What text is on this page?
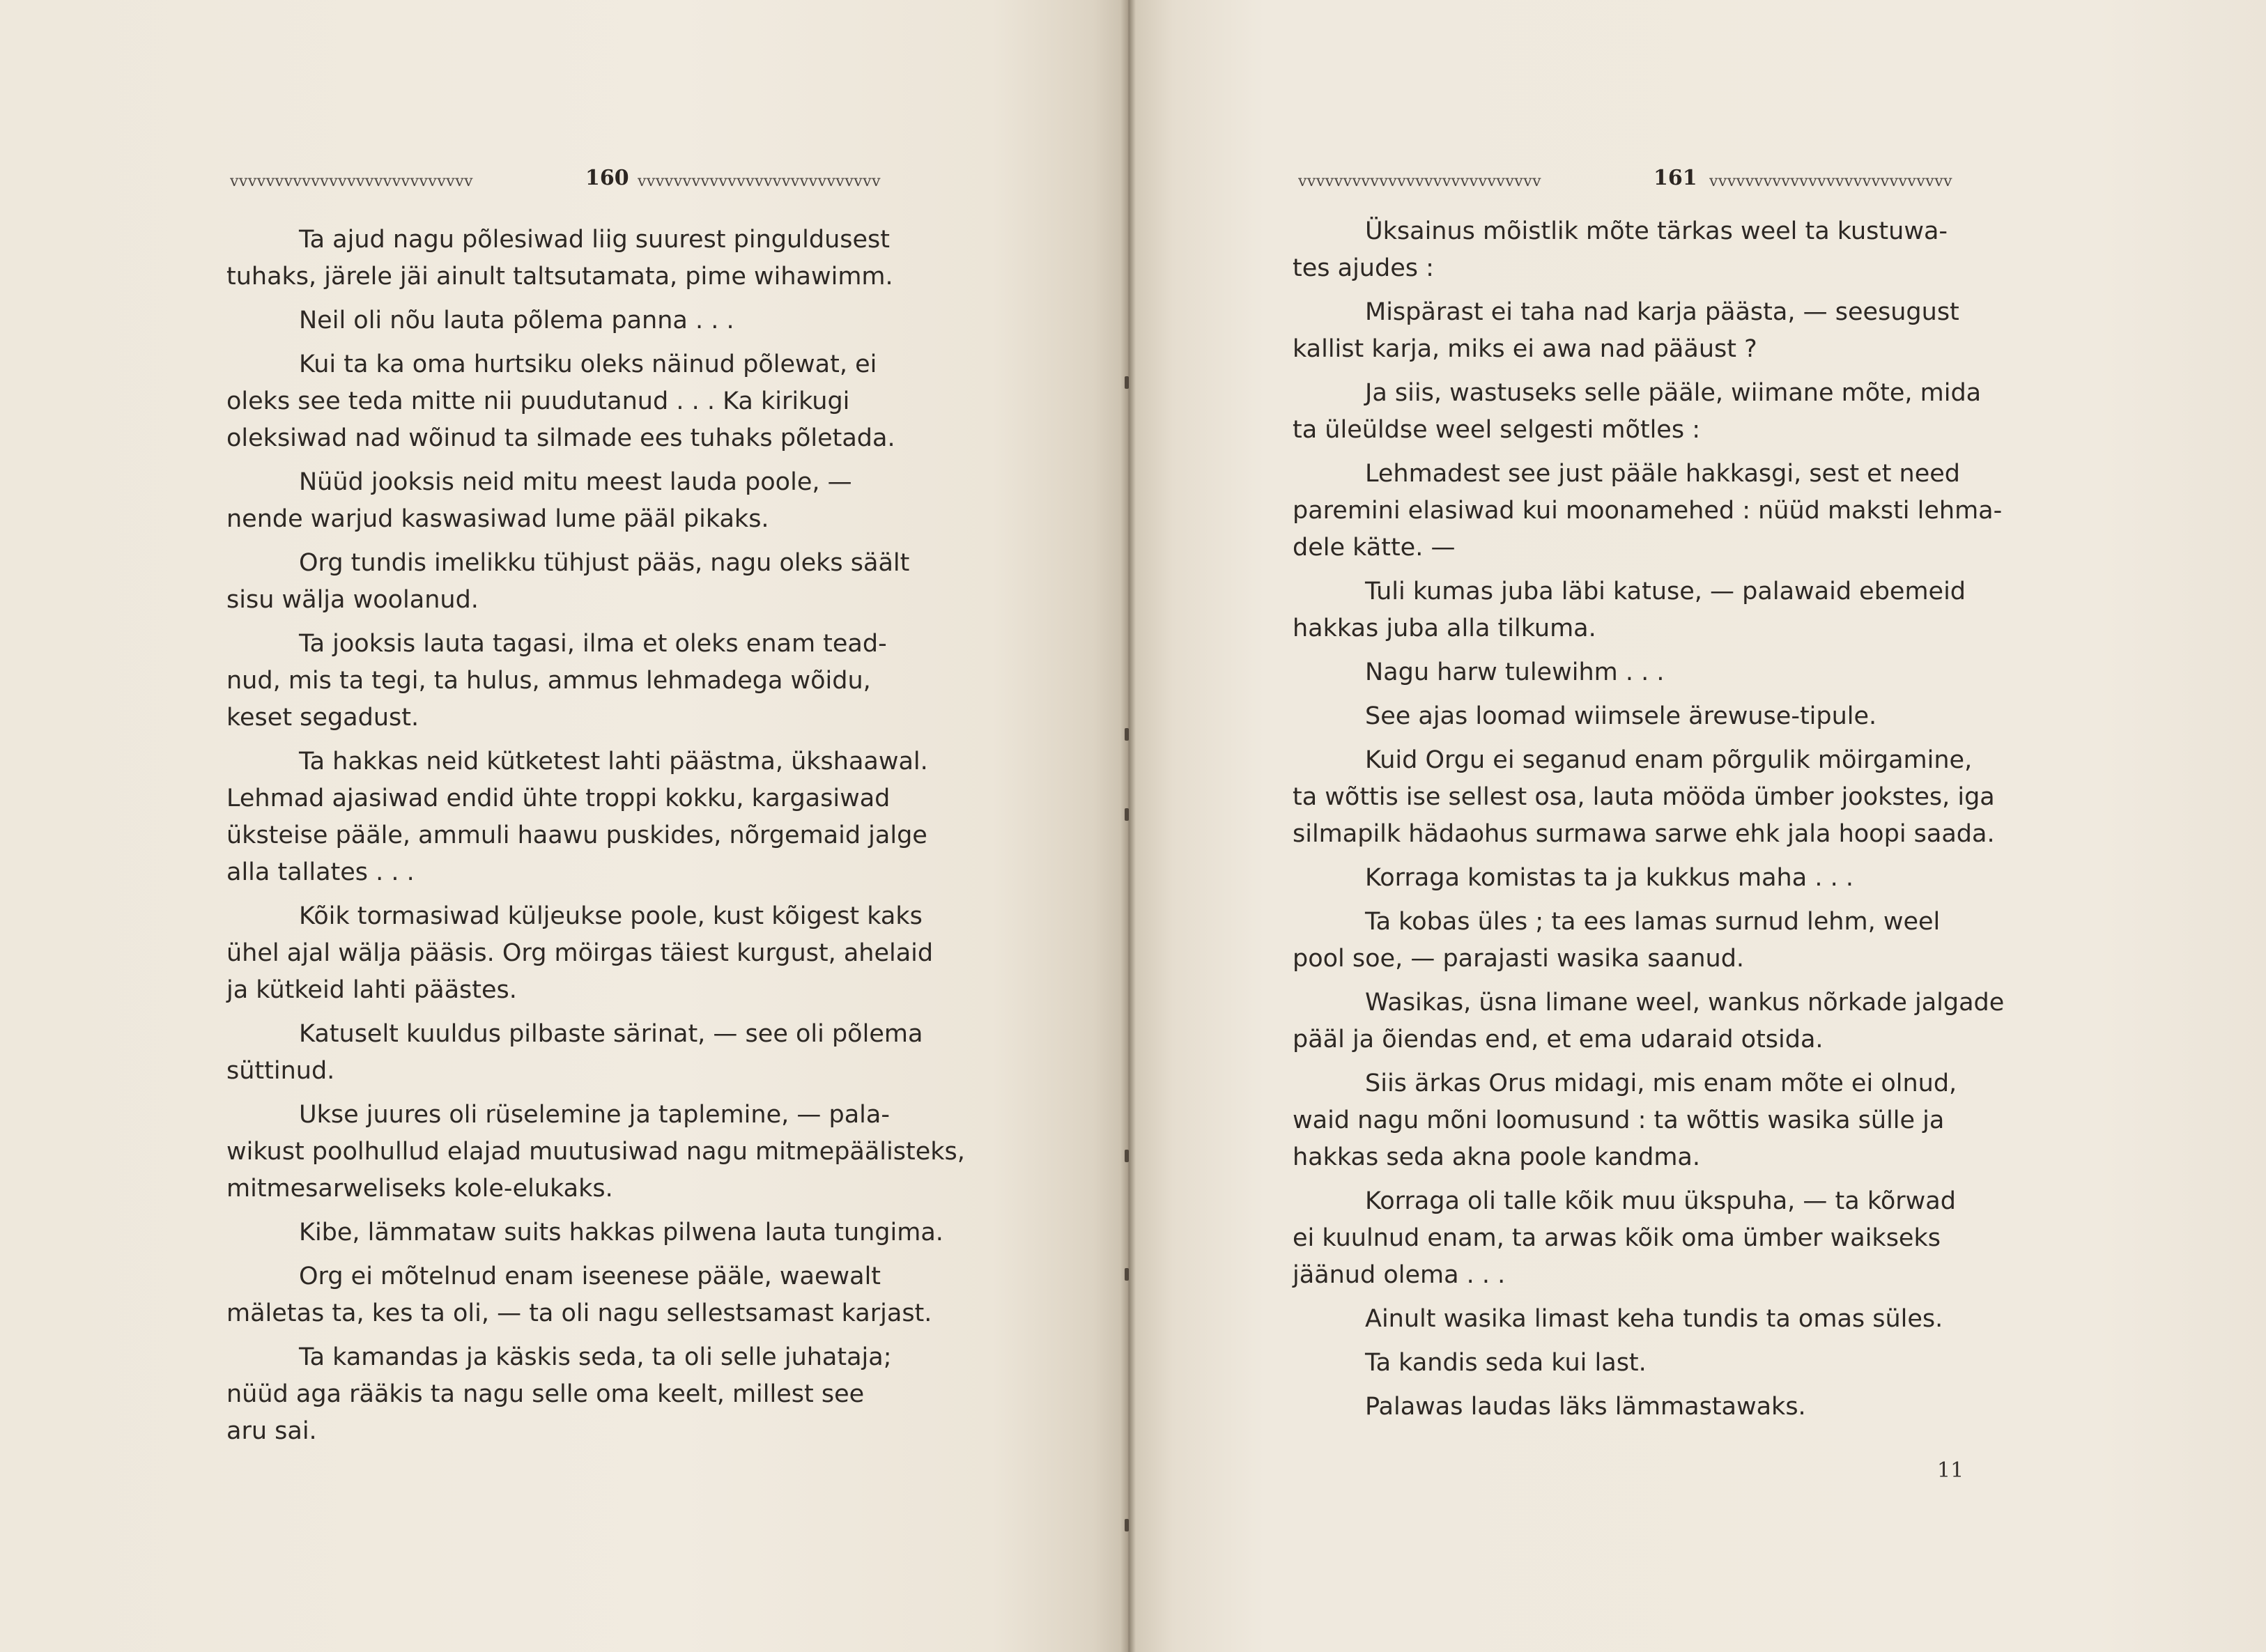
vvvvvvvvvvvvvvvvvvvvvvvvvvv	160 vvvvvvvvvvvvvvvvvvvvvvvvvvv

Ta ajud nagu põlesiwad liig suurest pinguldusest
tuhaks, järele jäi ainult taltsutamata, pime wihawimm.

Neil oli nõu lauta põlema panna . . .

Kui ta ka oma hurtsiku oleks näinud põlewat, ei
oleks see teda mitte nii puudutanud . . . Ka kirikugi
oleksiwad nad wõinud ta silmade ees tuhaks põletada.

Nüüd jooksis neid mitu meest lauda poole, —
nende warjud kaswasiwad lume pääl pikaks.

Org tundis imelikku tühjust pääs, nagu oleks säält
sisu wälja woolanud.

Ta jooksis lauta tagasi, ilma et oleks enam tead-
nud, mis ta tegi, ta hulus, ammus lehmadega wõidu,
keset segadust.

Ta hakkas neid kütketest lahti päästma, ükshaawal.
Lehmad ajasiwad endid ühte troppi kokku, kargasiwad
üksteise pääle, ammuli haawu puskides, nõrgemaid jalge
alla tallates . . .

Kõik tormasiwad küljeukse poole, kust kõigest kaks
ühel ajal wälja pääsis. Org möirgas täiest kurgust, ahelaid
ja kütkeid lahti päästes.

Katuselt kuuldus pilbaste särinat, — see oli põlema
süttinud.

Ukse juures oli rüselemine ja taplemine, — pala-
wikust poolhullud elajad muutusiwad nagu mitmepäälisteks,
mitmesarweliseks kole-elukaks.

Kibe, lämmataw suits hakkas pilwena lauta tungima.

Org ei mõtelnud enam iseenese pääle, waewalt
mäletas ta, kes ta oli, — ta oli nagu sellestsamast karjast.

Ta kamandas ja käskis seda, ta oli selle juhataja;
nüüd aga rääkis ta nagu selle oma keelt, millest see
aru sai.

vvvvvvvvvvvvvvvvvvvvvvvvvvv	161 vvvvvvvvvvvvvvvvvvvvvvvvvvv

Üksainus mõistlik mõte tärkas weel ta kustuwa-
tes ajudes :

Mispärast ei taha nad karja päästa, — seesugust
kallist karja, miks ei awa nad pääust ?

Ja siis, wastuseks selle pääle, wiimane mõte, mida
ta üleüldse weel selgesti mõtles :

Lehmadest see just pääle hakkasgi, sest et need
paremini elasiwad kui moonamehed : nüüd maksti lehma-
dele kätte. —

Tuli kumas juba läbi katuse, — palawaid ebemeid
hakkas juba alla tilkuma.

Nagu harw tulewihm . . .

See ajas loomad wiimsele ärewuse-tipule.

Kuid Orgu ei seganud enam põrgulik möirgamine,
ta wõttis ise sellest osa, lauta mööda ümber jookstes, iga
silmapilk hädaohus surmawa sarwe ehk jala hoopi saada.

Korraga komistas ta ja kukkus maha . . .

Ta kobas üles ; ta ees lamas surnud lehm, weel
pool soe, — parajasti wasika saanud.

Wasikas, üsna limane weel, wankus nõrkade jalgade
pääl ja õiendas end, et ema udaraid otsida.

Siis ärkas Orus midagi, mis enam mõte ei olnud,
waid nagu mõni loomusund : ta wõttis wasika sülle ja
hakkas seda akna poole kandma.

Korraga oli talle kõik muu ükspuha, — ta kõrwad
ei kuulnud enam, ta arwas kõik oma ümber waikseks
jäänud olema . . .

Ainult wasika limast keha tundis ta omas süles.

Ta kandis seda kui last.

Palawas laudas läks lämmastawaks.

11
